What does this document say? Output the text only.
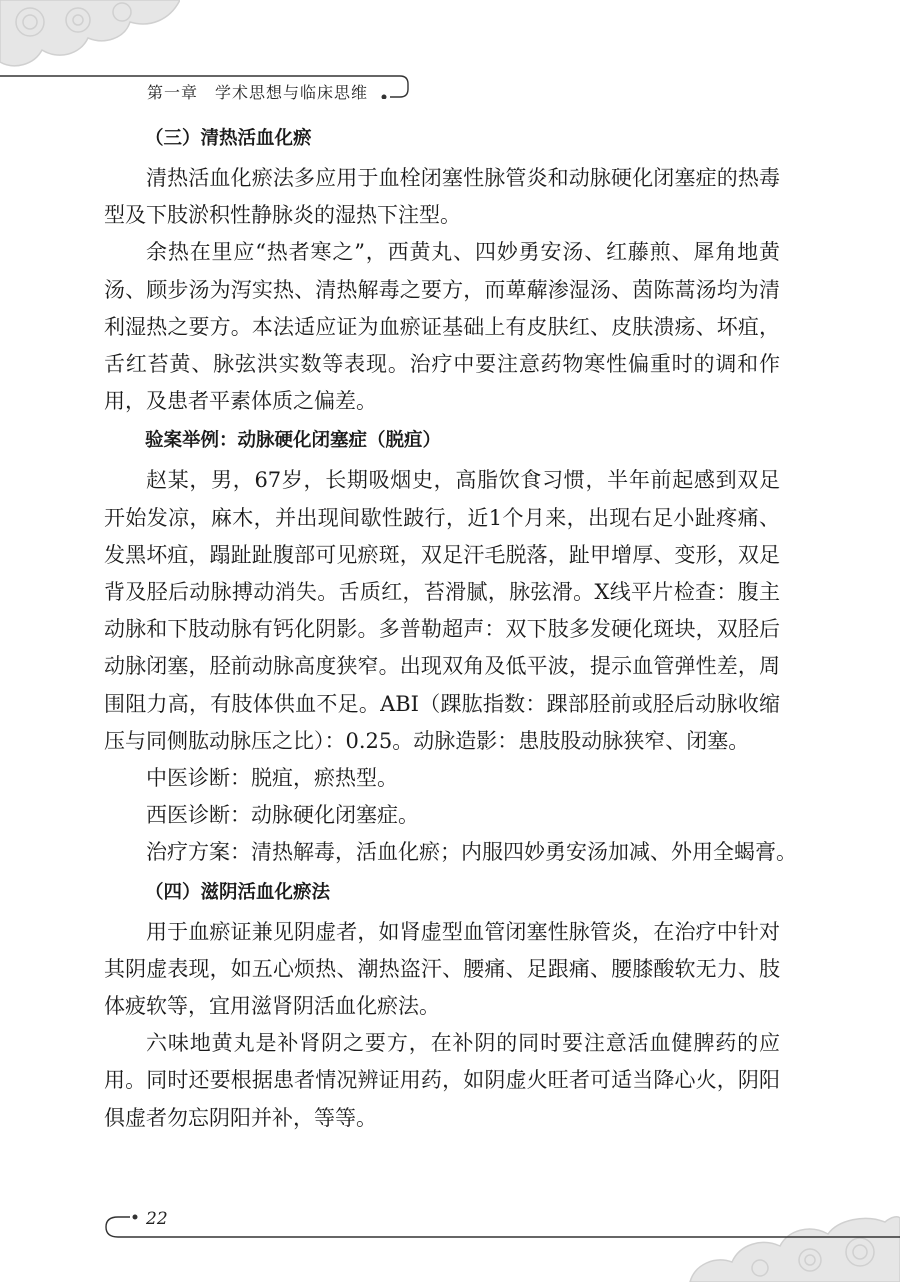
第一章　学术思想与临床思维
（三）清热活血化瘀

清热活血化瘀法多应用于血栓闭塞性脉管炎和动脉硬化闭塞症的热毒型及下肢淤积性静脉炎的湿热下注型。

余热在里应“热者寒之”，西黄丸、四妙勇安汤、红藤煎、犀角地黄汤、顾步汤为泻实热、清热解毒之要方，而萆薢渗湿汤、茵陈蒿汤均为清利湿热之要方。本法适应证为血瘀证基础上有皮肤红、皮肤溃疡、坏疽，舌红苔黄、脉弦洪实数等表现。治疗中要注意药物寒性偏重时的调和作用，及患者平素体质之偏差。

验案举例：动脉硬化闭塞症（脱疽）

赵某，男，67岁，长期吸烟史，高脂饮食习惯，半年前起感到双足开始发凉，麻木，并出现间歇性跛行，近1个月来，出现右足小趾疼痛、发黑坏疽，蹋趾趾腹部可见瘀斑，双足汗毛脱落，趾甲增厚、变形，双足背及胫后动脉搏动消失。舌质红，苔滑腻，脉弦滑。X线平片检查：腹主动脉和下肢动脉有钙化阴影。多普勒超声：双下肢多发硬化斑块，双胫后动脉闭塞，胫前动脉高度狭窄。出现双角及低平波，提示血管弹性差，周围阻力高，有肢体供血不足。ABI（踝肱指数：踝部胫前或胫后动脉收缩压与同侧肱动脉压之比）：0.25。动脉造影：患肢股动脉狭窄、闭塞。

中医诊断：脱疽，瘀热型。
西医诊断：动脉硬化闭塞症。
治疗方案：清热解毒，活血化瘀；内服四妙勇安汤加减、外用全蝎膏。
（四）滋阴活血化瘀法

用于血瘀证兼见阴虚者，如肾虚型血管闭塞性脉管炎，在治疗中针对其阴虚表现，如五心烦热、潮热盗汗、腰痛、足跟痛、腰膝酸软无力、肢体疲软等，宜用滋肾阴活血化瘀法。

六味地黄丸是补肾阴之要方，在补阴的同时要注意活血健脾药的应用。同时还要根据患者情况辨证用药，如阴虚火旺者可适当降心火，阴阳俱虚者勿忘阴阳并补，等等。

22
